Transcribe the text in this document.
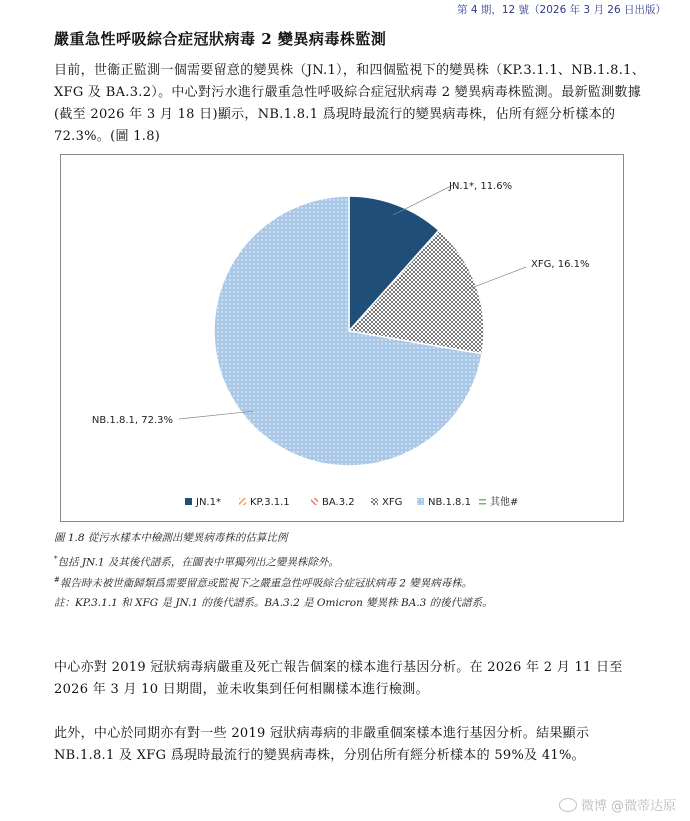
第 4 期，12 號（2026 年 3 月 26 日出版）
嚴重急性呼吸綜合症冠狀病毒 2 變異病毒株監測
目前，世衞正監測一個需要留意的變異株（JN.1），和四個監視下的變異株（KP.3.1.1、NB.1.8.1、XFG 及 BA.3.2）。中心對污水進行嚴重急性呼吸綜合症冠狀病毒 2 變異病毒株監測。最新監測數據(截至 2026 年 3 月 18 日)顯示，NB.1.8.1 爲現時最流行的變異病毒株，佔所有經分析樣本的 72.3%。(圖 1.8)
JN.1*, 11.6%
XFG, 16.1%
NB.1.8.1, 72.3%
JN.1*	KP.3.1.1	BA.3.2	XFG	NB.1.8.1 其他#
圖 1.8 從污水樣本中檢測出變異病毒株的估算比例
*包括 JN.1 及其後代譜系，在圖表中單獨列出之變異株除外。
#報告時未被世衞歸類爲需要留意或監視下之嚴重急性呼吸綜合症冠狀病毒 2 變異病毒株。
註：KP.3.1.1 和 XFG 是 JN.1 的後代譜系。BA.3.2 是 Omicron 變異株 BA.3 的後代譜系。
中心亦對 2019 冠狀病毒病嚴重及死亡報告個案的樣本進行基因分析。在 2026 年 2 月 11 日至 2026 年 3 月 10 日期間，並未收集到任何相關樣本進行檢測。
此外，中心於同期亦有對一些 2019 冠狀病毒病的非嚴重個案樣本進行基因分析。結果顯示 NB.1.8.1 及 XFG 爲現時最流行的變異病毒株，分別佔所有經分析樣本的 59%及 41%。
微博 @微蒂达原
